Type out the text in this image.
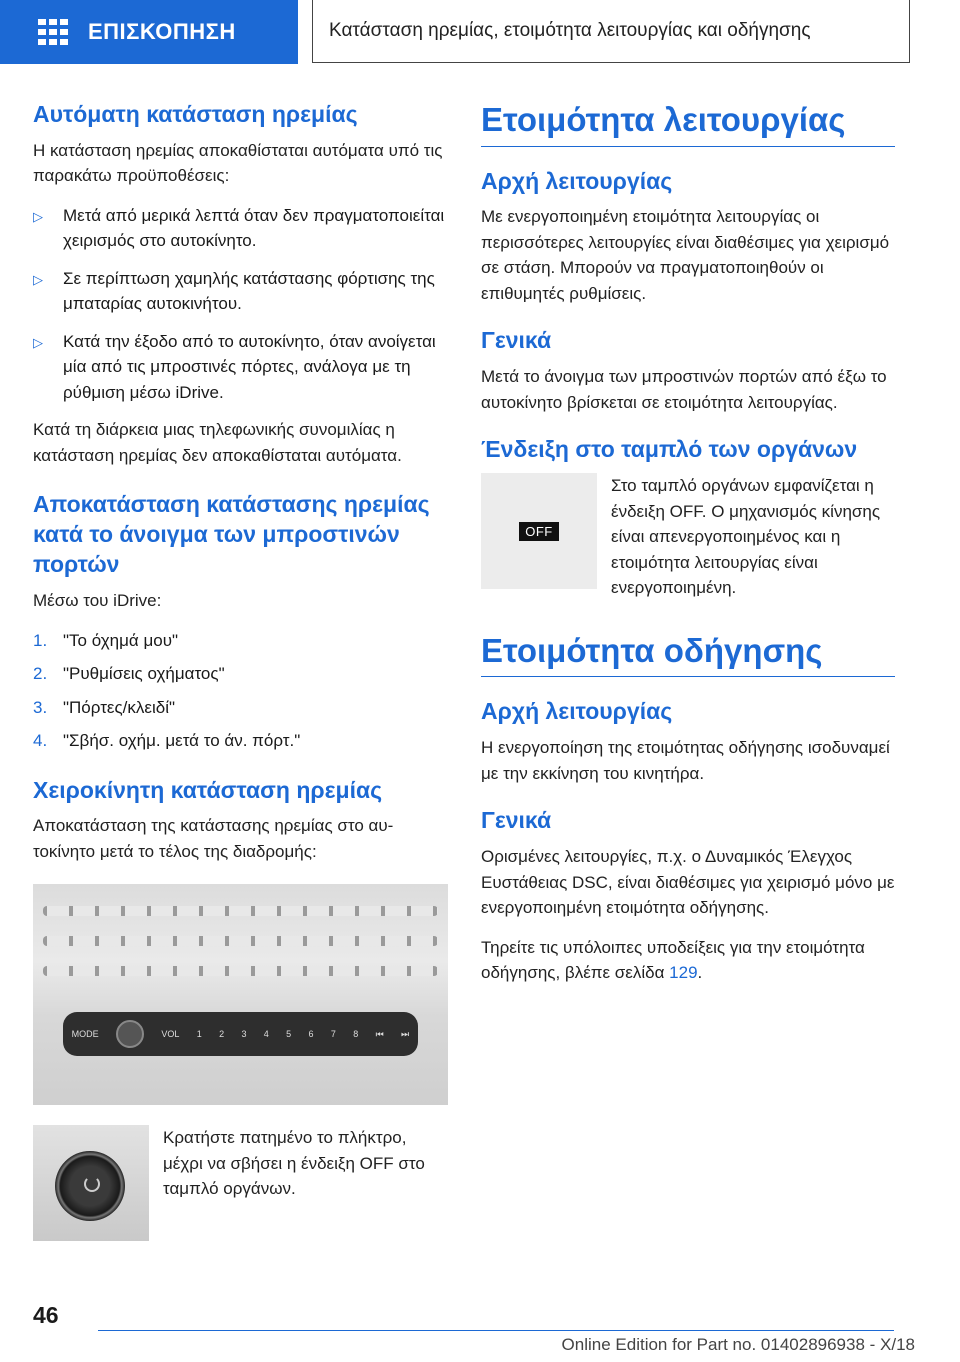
ΕΠΙΣΚΟΠΗΣΗ	Κατάσταση ηρεμίας, ετοιμότητα λειτουργίας και οδήγησης
Αυτόματη κατάσταση ηρεμίας

Η κατάσταση ηρεμίας αποκαθίσταται αυτόματα υπό τις παρακάτω προϋποθέσεις:

▷	Μετά από μερικά λεπτά όταν δεν πραγματοποιείται χειρισμός στο αυτοκίνητο.
▷	Σε περίπτωση χαμηλής κατάστασης φόρτισης της μπαταρίας αυτοκινήτου.
▷	Κατά την έξοδο από το αυτοκίνητο, όταν ανοίγεται μία από τις μπροστινές πόρτες, ανάλογα με τη ρύθμιση μέσω iDrive.

Κατά τη διάρκεια μιας τηλεφωνικής συνομιλίας η κατάσταση ηρεμίας δεν αποκαθίσταται αυτόματα.

Αποκατάσταση κατάστασης ηρεμίας κατά το άνοιγμα των μπροστινών πορτών

Μέσω του iDrive:

1. "Το όχημά μου"
2. "Ρυθμίσεις οχήματος"
3. "Πόρτες/κλειδί"
4. "Σβήσ. οχήμ. μετά το άν. πόρτ."
Χειροκίνητη κατάσταση ηρεμίας

Αποκατάσταση της κατάστασης ηρεμίας στο αυτοκίνητο μετά το τέλος της διαδρομής:

MODE	VOL 1 2 3 4 5 6 7 8 ⏮ ⏭

Κρατήστε πατημένο το πλήκτρο, μέχρι να σβήσει η ένδειξη OFF στο ταμπλό οργάνων.

Ετοιμότητα λειτουργίας
Αρχή λειτουργίας

Με ενεργοποιημένη ετοιμότητα λειτουργίας οι περισσότερες λειτουργίες είναι διαθέσιμες για χειρισμό σε στάση. Μπορούν να πραγματοποιηθούν οι επιθυμητές ρυθμίσεις.

Γενικά

Μετά το άνοιγμα των μπροστινών πορτών από έξω το αυτοκίνητο βρίσκεται σε ετοιμότητα λειτουργίας.

Ένδειξη στο ταμπλό των οργάνων
OFF

Στο ταμπλό οργάνων εμφανίζεται η ένδειξη OFF. Ο μηχανισμός κίνησης είναι απενεργοποιημένος και η ετοιμότητα λειτουργίας είναι ενεργοποιημένη.

Ετοιμότητα οδήγησης
Αρχή λειτουργίας

Η ενεργοποίηση της ετοιμότητας οδήγησης ισοδυναμεί με την εκκίνηση του κινητήρα.

Γενικά

Ορισμένες λειτουργίες, π.χ. ο Δυναμικός Έλεγχος Ευστάθειας DSC, είναι διαθέσιμες για χειρισμό μόνο με ενεργοποιημένη ετοιμότητα οδήγησης.

Τηρείτε τις υπόλοιπες υποδείξεις για την ετοιμότητα οδήγησης, βλέπε σελίδα 129.

46
Online Edition for Part no. 01402896938 - X/18
